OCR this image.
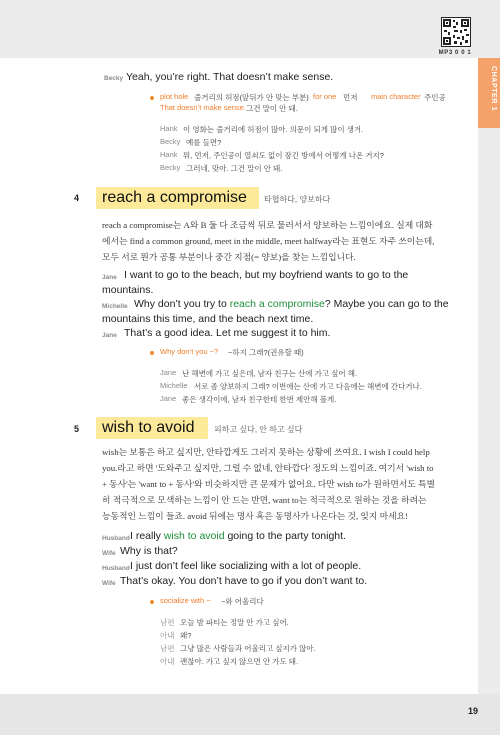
19
MP3 0 0 1
CHAPTER 1
Becky Yeah, you’re right. That doesn’t make sense.
plot hole 줄거리의 허점(앞뒤가 안 맞는 부분) for one 먼저 main character 주인공
That doesn’t make sense. 그건 말이 안 돼.
Hank 이 영화는 줄거리에 허점이 많아. 의문이 되게 많이 생겨.
Becky 예를 들면?
Hank 뭐, 먼저, 주인공이 열쇠도 없이 잠긴 방에서 어떻게 나온 거지?
Becky 그러네, 맞아. 그건 말이 안 돼.
4 reach a compromise 타협하다, 양보하다
reach a compromise는 A와 B 둘 다 조금씩 뒤로 물러서서 양보하는 느낌이에요. 실제 대화
에서는 find a common ground, meet in the middle, meet halfway라는 표현도 자주 쓰이는데,
모두 서로 뭔가 공통 부분이나 중간 지점(= 양보)을 찾는 느낌입니다.
Jane I want to go to the beach, but my boyfriend wants to go to the
mountains.
Michelle Why don’t you try to reach a compromise? Maybe you can go to the
mountains this time, and the beach next time.
Jane That’s a good idea. Let me suggest it to him.
Why don’t you ~? ~하지 그래?(권유할 때)
Jane 난 해변에 가고 싶은데, 남자 친구는 산에 가고 싶어 해.
Michelle 서로 좀 양보하지 그래? 이번에는 산에 가고 다음에는 해변에 간다거나.
Jane 좋은 생각이에, 남자 친구한테 한번 제안해 볼게.
5 wish to avoid 피하고 싶다, 안 하고 싶다
wish는 보통은 하고 싶지만, 안타깝게도 그러지 못하는 상황에 쓰여요. I wish I could help
you.라고 하면 '도와주고 싶지만, 그럴 수 없네, 안타깝다' 정도의 느낌이죠. 여기서 'wish to
+ 동사'는 'want to + 동사'와 비슷하지만 큰 문제가 없어요. 다만 wish to가 원하면서도 특별
히 적극적으로 모색하는 느낌이 안 드는 반면, want to는 적극적으로 원하는 것을 하려는
능동적인 느낌이 들죠. avoid 뒤에는 명사 혹은 동명사가 나온다는 것, 잊지 마세요!
Husband I really wish to avoid going to the party tonight.
Wife Why is that?
Husband I just don’t feel like socializing with a lot of people.
Wife That’s okay. You don’t have to go if you don’t want to.
socialize with ~ ~와 어울리다
남편 오늘 밤 파티는 정말 안 가고 싶어.
아내 왜?
남편 그냥 많은 사람들과 어울리고 싶지가 않아.
아내 괜찮아. 가고 싶지 않으면 안 가도 돼.
